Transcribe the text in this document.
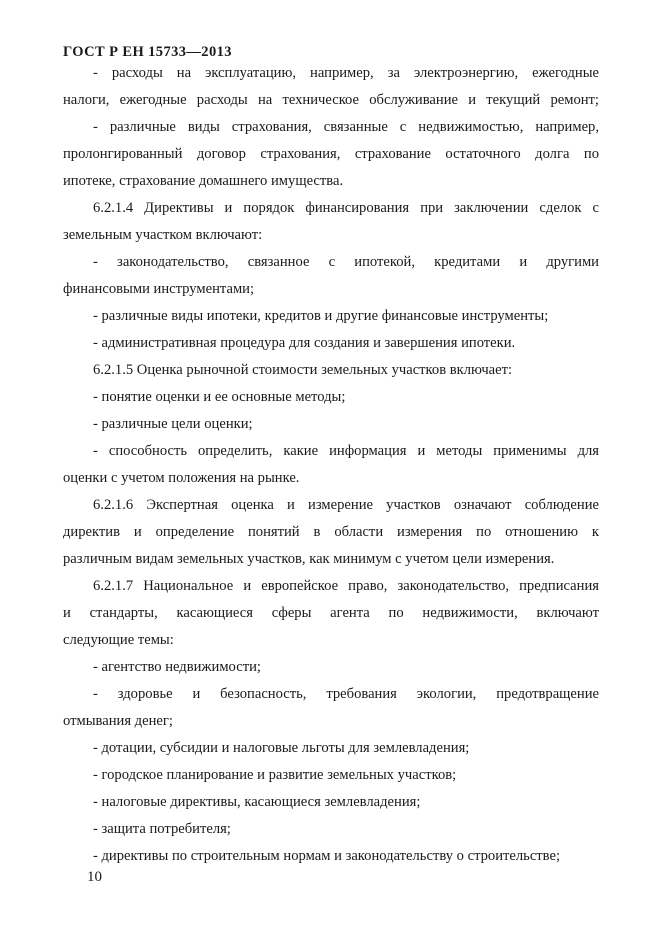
ГОСТ Р ЕН 15733—2013
- расходы на эксплуатацию, например, за электроэнергию, ежегодные
налоги, ежегодные расходы на техническое обслуживание и текущий ремонт;
- различные виды страхования, связанные с недвижимостью, например,
пролонгированный договор страхования, страхование остаточного долга по
ипотеке, страхование домашнего имущества.
6.2.1.4 Директивы и порядок финансирования при заключении сделок с
земельным участком включают:
- законодательство, связанное с ипотекой, кредитами и другими
финансовыми инструментами;
- различные виды ипотеки, кредитов и другие финансовые инструменты;
- административная процедура для создания и завершения ипотеки.
6.2.1.5 Оценка рыночной стоимости земельных участков включает:
- понятие оценки и ее основные методы;
- различные цели оценки;
- способность определить, какие информация и методы применимы для
оценки с учетом положения на рынке.
6.2.1.6 Экспертная оценка и измерение участков означают соблюдение
директив и определение понятий в области измерения по отношению к
различным видам земельных участков, как минимум с учетом цели измерения.
6.2.1.7 Национальное и европейское право, законодательство, предписания
и стандарты, касающиеся сферы агента по недвижимости, включают
следующие темы:
- агентство недвижимости;
- здоровье и безопасность, требования экологии, предотвращение
отмывания денег;
- дотации, субсидии и налоговые льготы для землевладения;
- городское планирование и развитие земельных участков;
- налоговые директивы, касающиеся землевладения;
- защита потребителя;
- директивы по строительным нормам и законодательству о строительстве;
10
